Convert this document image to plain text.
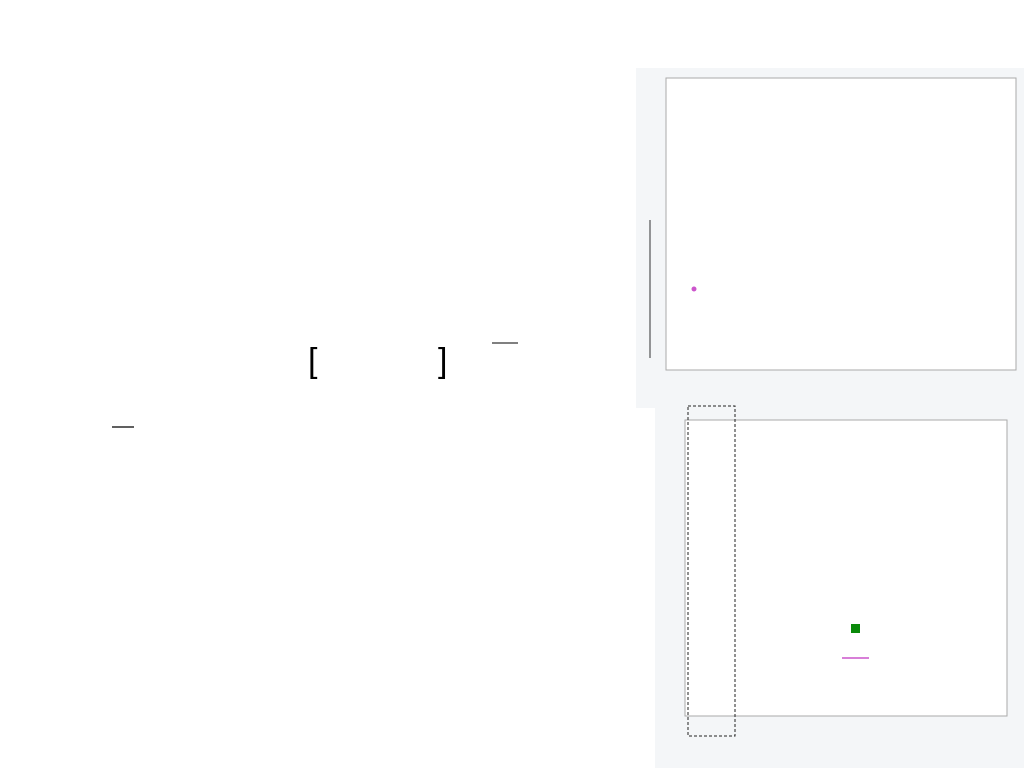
[	]
